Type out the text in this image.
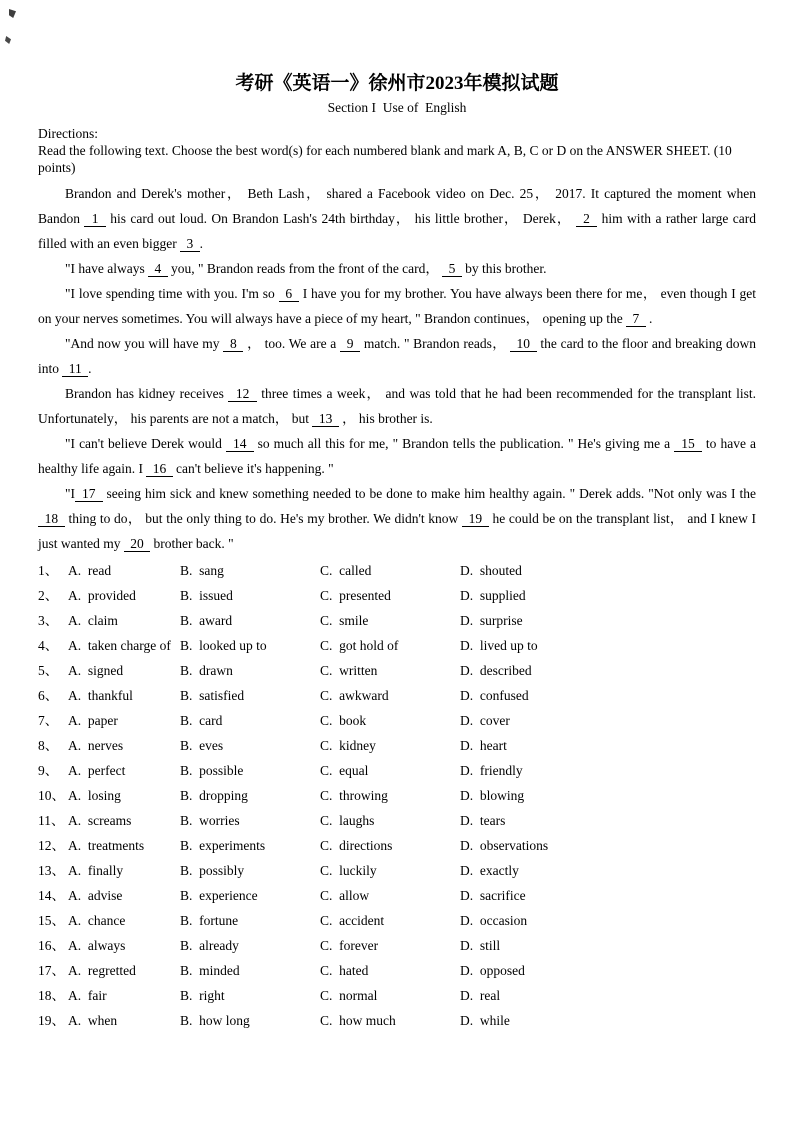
考研《英语一》徐州市2023年模拟试题
Section I  Use of  English
Directions:
Read the following text. Choose the best word(s) for each numbered blank and mark A, B, C or D on the ANSWER SHEET. (10 points)

Brandon and Derek's mother， Beth Lash， shared a Facebook video on Dec. 25， 2017. It captured the moment when Bandon  1  his card out loud. On Brandon Lash's 24th birthday， his little brother， Derek，  2  him with a rather large card filled with an even bigger  3 .

"I have always  4  you, " Brandon reads from the front of the card，  5  by this brother.

"I love spending time with you. I'm so  6  I have you for my brother. You have always been there for me， even though I get on your nerves sometimes. You will always have a piece of my heart, " Brandon continues， opening up the  7  .

"And now you will have my  8  ， too. We are a  9  match. " Brandon reads，  10  the card to the floor and breaking down into  11 .

Brandon has kidney receives  12  three times a week， and was told that he had been recommended for the transplant list. Unfortunately， his parents are not a match， but  13  ， his brother is.

"I can't believe Derek would  14  so much all this for me, " Brandon tells the publication. " He's giving me a  15  to have a healthy life again. I  16  can't believe it's happening. "

"I 17  seeing him sick and knew something needed to be done to make him healthy again. " Derek adds. "Not only was I the  18  thing to do， but the only thing to do. He's my brother. We didn't know  19  he could be on the transplant list， and I knew I just wanted my  20  brother back. "

1、 A.  read	B.  sang	C.  called	D.  shouted
2、 A.  provided	B.  issued	C.  presented	D.  supplied
3、 A.  claim	B.  award	C.  smile	D.  surprise
4、 A.  taken charge of B.  looked up to	C.  got hold of	D.  lived up to
5、 A.  signed	B.  drawn	C.  written	D.  described
6、 A.  thankful	B.  satisfied	C.  awkward	D.  confused
7、 A.  paper	B.  card	C.  book	D.  cover
8、 A.  nerves	B.  eves	C.  kidney	D.  heart
9、 A.  perfect	B.  possible	C.  equal	D.  friendly
10、 A.  losing	B.  dropping	C.  throwing	D.  blowing
11、 A.  screams	B.  worries	C.  laughs	D.  tears
12、 A.  treatments	B.  experiments	C.  directions	D.  observations
13、 A.  finally	B.  possibly	C.  luckily	D.  exactly
14、 A.  advise	B.  experience	C.  allow	D.  sacrifice
15、 A.  chance	B.  fortune	C.  accident	D.  occasion
16、 A.  always	B.  already	C.  forever	D.  still
17、 A.  regretted	B.  minded	C.  hated	D.  opposed
18、 A.  fair	B.  right	C.  normal	D.  real
19、 A.  when	B.  how long	C.  how much	D.  while
